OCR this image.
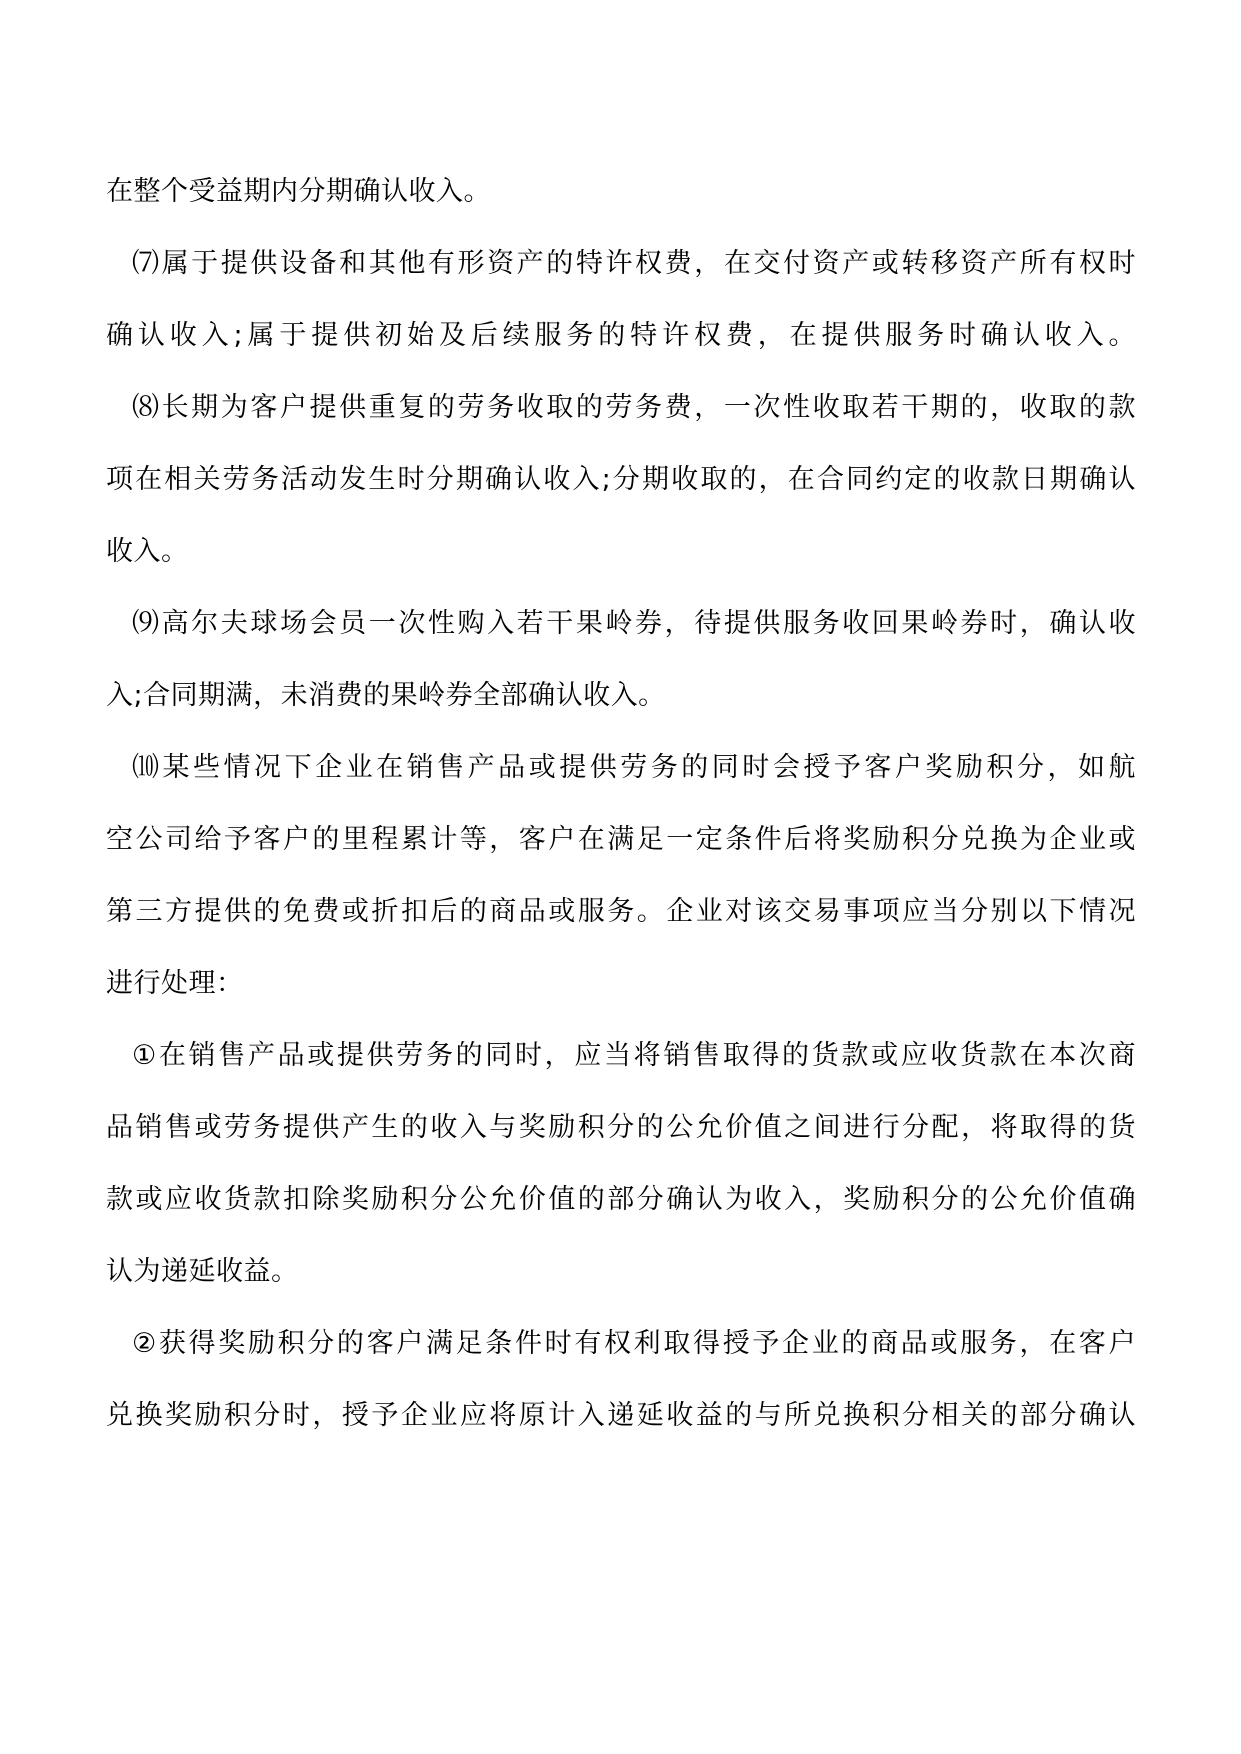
在整个受益期内分期确认收入。
⑺属于提供设备和其他有形资产的特许权费，在交付资产或转移资产所有权时
确认收入;属于提供初始及后续服务的特许权费，在提供服务时确认收入。
⑻长期为客户提供重复的劳务收取的劳务费，一次性收取若干期的，收取的款
项在相关劳务活动发生时分期确认收入;分期收取的，在合同约定的收款日期确认
收入。
⑼高尔夫球场会员一次性购入若干果岭券，待提供服务收回果岭券时，确认收
入;合同期满，未消费的果岭券全部确认收入。
⑽某些情况下企业在销售产品或提供劳务的同时会授予客户奖励积分，如航
空公司给予客户的里程累计等，客户在满足一定条件后将奖励积分兑换为企业或
第三方提供的免费或折扣后的商品或服务。企业对该交易事项应当分别以下情况
进行处理：
①在销售产品或提供劳务的同时，应当将销售取得的货款或应收货款在本次商
品销售或劳务提供产生的收入与奖励积分的公允价值之间进行分配，将取得的货
款或应收货款扣除奖励积分公允价值的部分确认为收入，奖励积分的公允价值确
认为递延收益。
②获得奖励积分的客户满足条件时有权利取得授予企业的商品或服务，在客户
兑换奖励积分时，授予企业应将原计入递延收益的与所兑换积分相关的部分确认
